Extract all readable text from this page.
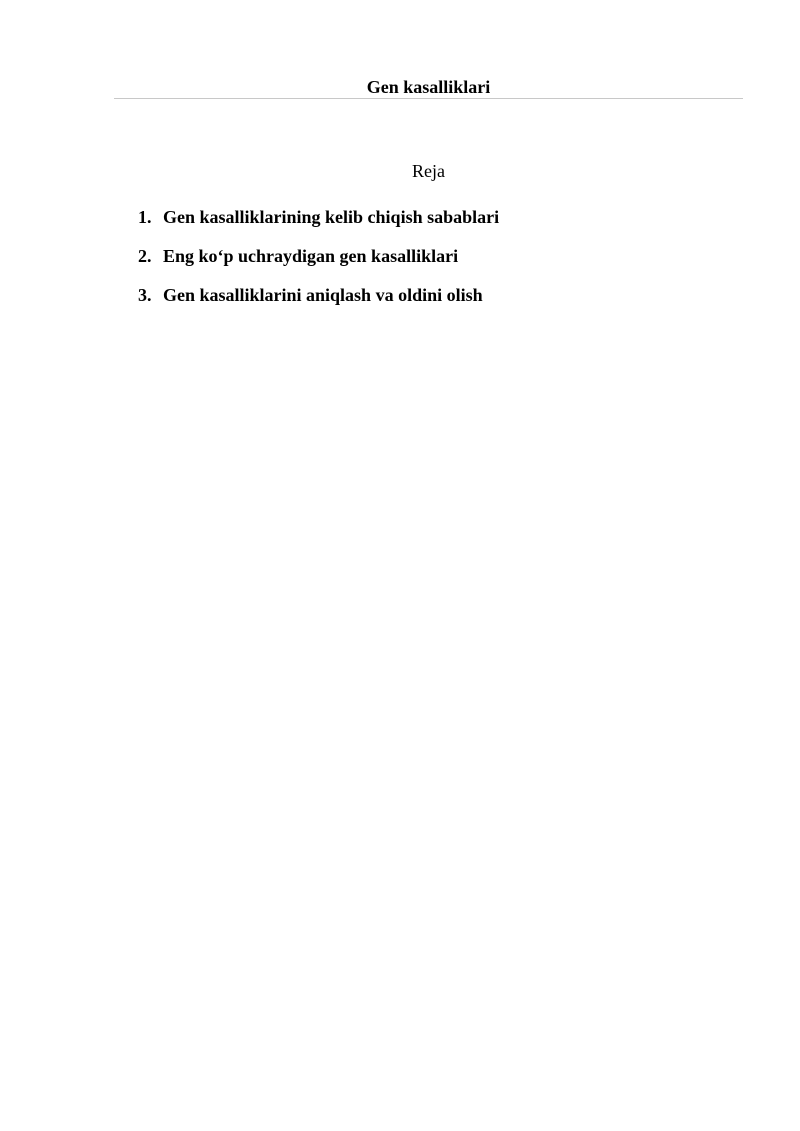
Gen kasalliklari
Reja
1. Gen kasalliklarining kelib chiqish sabablari
2. Eng ko‘p uchraydigan gen kasalliklari
3. Gen kasalliklarini aniqlash va oldini olish
